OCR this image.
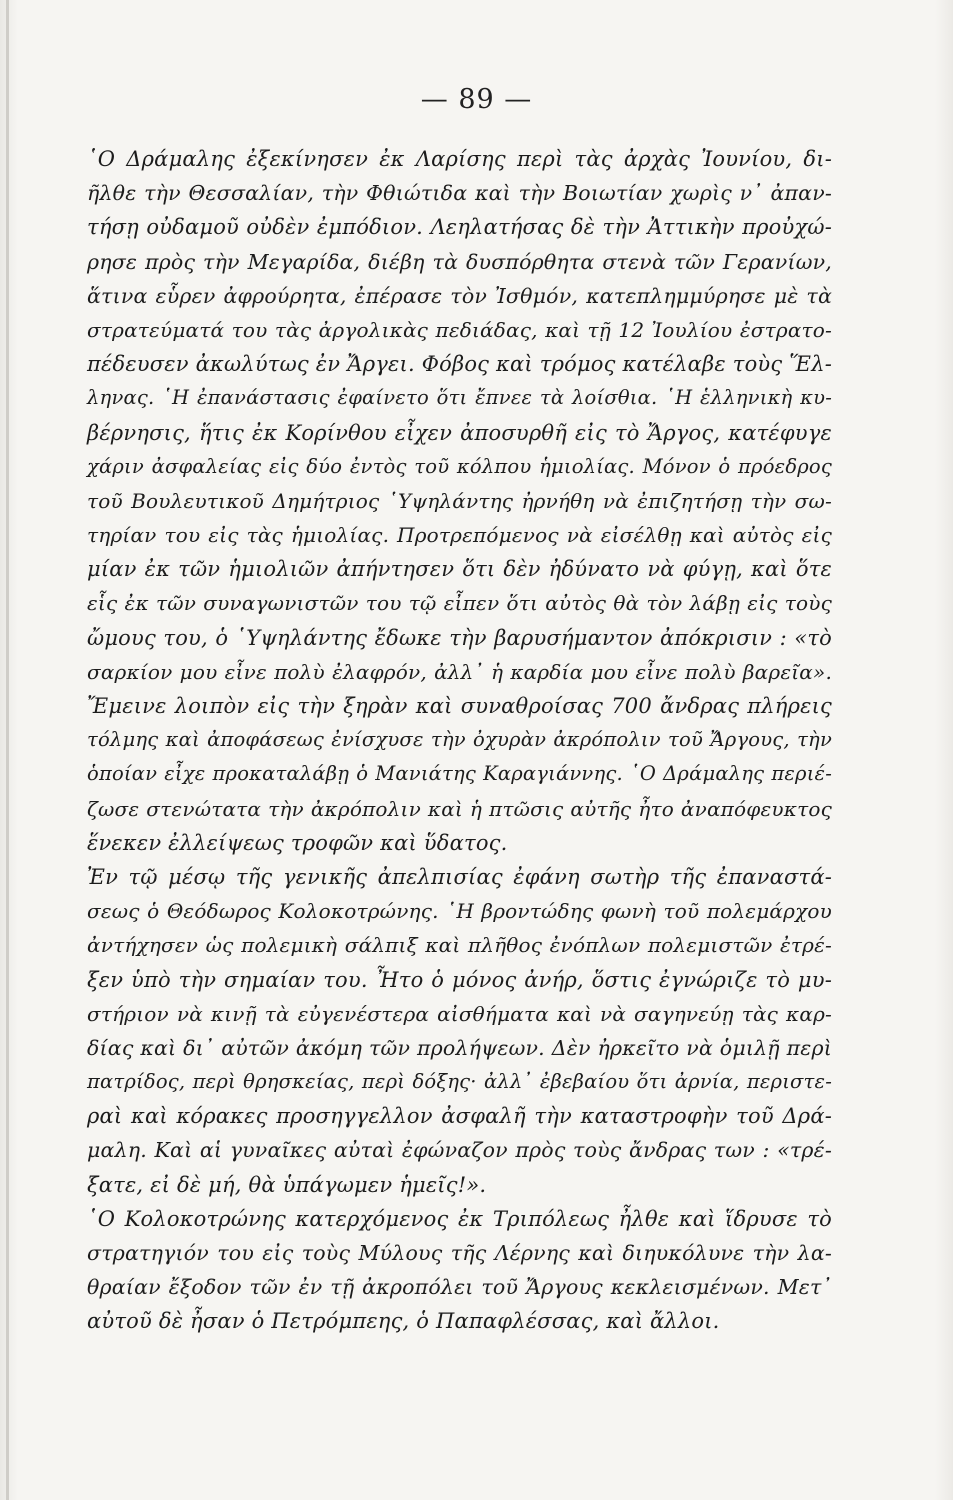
— 89 —
῾Ο Δράμαλης ἐξεκίνησεν ἐκ Λαρίσης περὶ τὰς ἀρχὰς Ἰουνίου, δι-
ῆλθε τὴν Θεσσαλίαν, τὴν Φθιώτιδα καὶ τὴν Βοιωτίαν χωρὶς ν᾿ ἀπαν-
τήσῃ οὐδαμοῦ οὐδὲν ἐμπόδιον. Λεηλατήσας δὲ τὴν Ἀττικὴν προὐχώ-
ρησε πρὸς τὴν Μεγαρίδα, διέβη τὰ δυσπόρθητα στενὰ τῶν Γερανίων,
ἅτινα εὗρεν ἀφρούρητα, ἐπέρασε τὸν Ἰσθμόν, κατεπλημμύρησε μὲ τὰ
στρατεύματά του τὰς ἀργολικὰς πεδιάδας, καὶ τῇ 12 Ἰουλίου ἐστρατο-
πέδευσεν ἀκωλύτως ἐν Ἄργει. Φόβος καὶ τρόμος κατέλαβε τοὺς Ἕλ-
ληνας. ῾Η ἐπανάστασις ἐφαίνετο ὅτι ἔπνεε τὰ λοίσθια. ῾Η ἑλληνικὴ κυ-
βέρνησις, ἥτις ἐκ Κορίνθου εἶχεν ἀποσυρθῆ εἰς τὸ Ἄργος, κατέφυγε
χάριν ἀσφαλείας εἰς δύο ἐντὸς τοῦ κόλπου ἡμιολίας. Μόνον ὁ πρόεδρος
τοῦ Βουλευτικοῦ Δημήτριος ῾Υψηλάντης ἠρνήθη νὰ ἐπιζητήσῃ τὴν σω-
τηρίαν του εἰς τὰς ἡμιολίας. Προτρεπόμενος νὰ εἰσέλθῃ καὶ αὐτὸς εἰς
μίαν ἐκ τῶν ἡμιολιῶν ἀπήντησεν ὅτι δὲν ἠδύνατο νὰ φύγῃ, καὶ ὅτε
εἷς ἐκ τῶν συναγωνιστῶν του τῷ εἶπεν ὅτι αὐτὸς θὰ τὸν λάβῃ εἰς τοὺς
ὤμους του, ὁ ῾Υψηλάντης ἔδωκε τὴν βαρυσήμαντον ἀπόκρισιν : «τὸ
σαρκίον μου εἶνε πολὺ ἐλαφρόν, ἀλλ᾿ ἡ καρδία μου εἶνε πολὺ βαρεῖα».
Ἔμεινε λοιπὸν εἰς τὴν ξηρὰν καὶ συναθροίσας 700 ἄνδρας πλήρεις
τόλμης καὶ ἀποφάσεως ἐνίσχυσε τὴν ὀχυρὰν ἀκρόπολιν τοῦ Ἄργους, τὴν
ὁποίαν εἶχε προκαταλάβῃ ὁ Μανιάτης Καραγιάννης. ῾Ο Δράμαλης περιέ-
ζωσε στενώτατα τὴν ἀκρόπολιν καὶ ἡ πτῶσις αὐτῆς ἦτο ἀναπόφευκτος
ἕνεκεν ἐλλείψεως τροφῶν καὶ ὕδατος.
Ἐν τῷ μέσῳ τῆς γενικῆς ἀπελπισίας ἐφάνη σωτὴρ τῆς ἐπαναστά-
σεως ὁ Θεόδωρος Κολοκοτρώνης. ῾Η βροντώδης φωνὴ τοῦ πολεμάρχου
ἀντήχησεν ὡς πολεμικὴ σάλπιξ καὶ πλῆθος ἐνόπλων πολεμιστῶν ἐτρέ-
ξεν ὑπὸ τὴν σημαίαν του. Ἦτο ὁ μόνος ἀνήρ, ὅστις ἐγνώριζε τὸ μυ-
στήριον νὰ κινῇ τὰ εὐγενέστερα αἰσθήματα καὶ νὰ σαγηνεύῃ τὰς καρ-
δίας καὶ δι᾿ αὐτῶν ἀκόμη τῶν προλήψεων. Δὲν ἠρκεῖτο νὰ ὁμιλῇ περὶ
πατρίδος, περὶ θρησκείας, περὶ δόξης· ἀλλ᾿ ἐβεβαίου ὅτι ἀρνία, περιστε-
ραὶ καὶ κόρακες προσηγγελλον ἀσφαλῆ τὴν καταστροφὴν τοῦ Δρά-
μαλη. Καὶ αἱ γυναῖκες αὐταὶ ἐφώναζον πρὸς τοὺς ἄνδρας των : «τρέ-
ξατε, εἰ δὲ μή, θὰ ὑπάγωμεν ἡμεῖς!».
῾Ο Κολοκοτρώνης κατερχόμενος ἐκ Τριπόλεως ἦλθε καὶ ἵδρυσε τὸ
στρατηγιόν του εἰς τοὺς Μύλους τῆς Λέρνης καὶ διηυκόλυνε τὴν λα-
θραίαν ἔξοδον τῶν ἐν τῇ ἀκροπόλει τοῦ Ἄργους κεκλεισμένων. Μετ᾿
αὐτοῦ δὲ ἦσαν ὁ Πετρόμπεης, ὁ Παπαφλέσσας, καὶ ἄλλοι.
